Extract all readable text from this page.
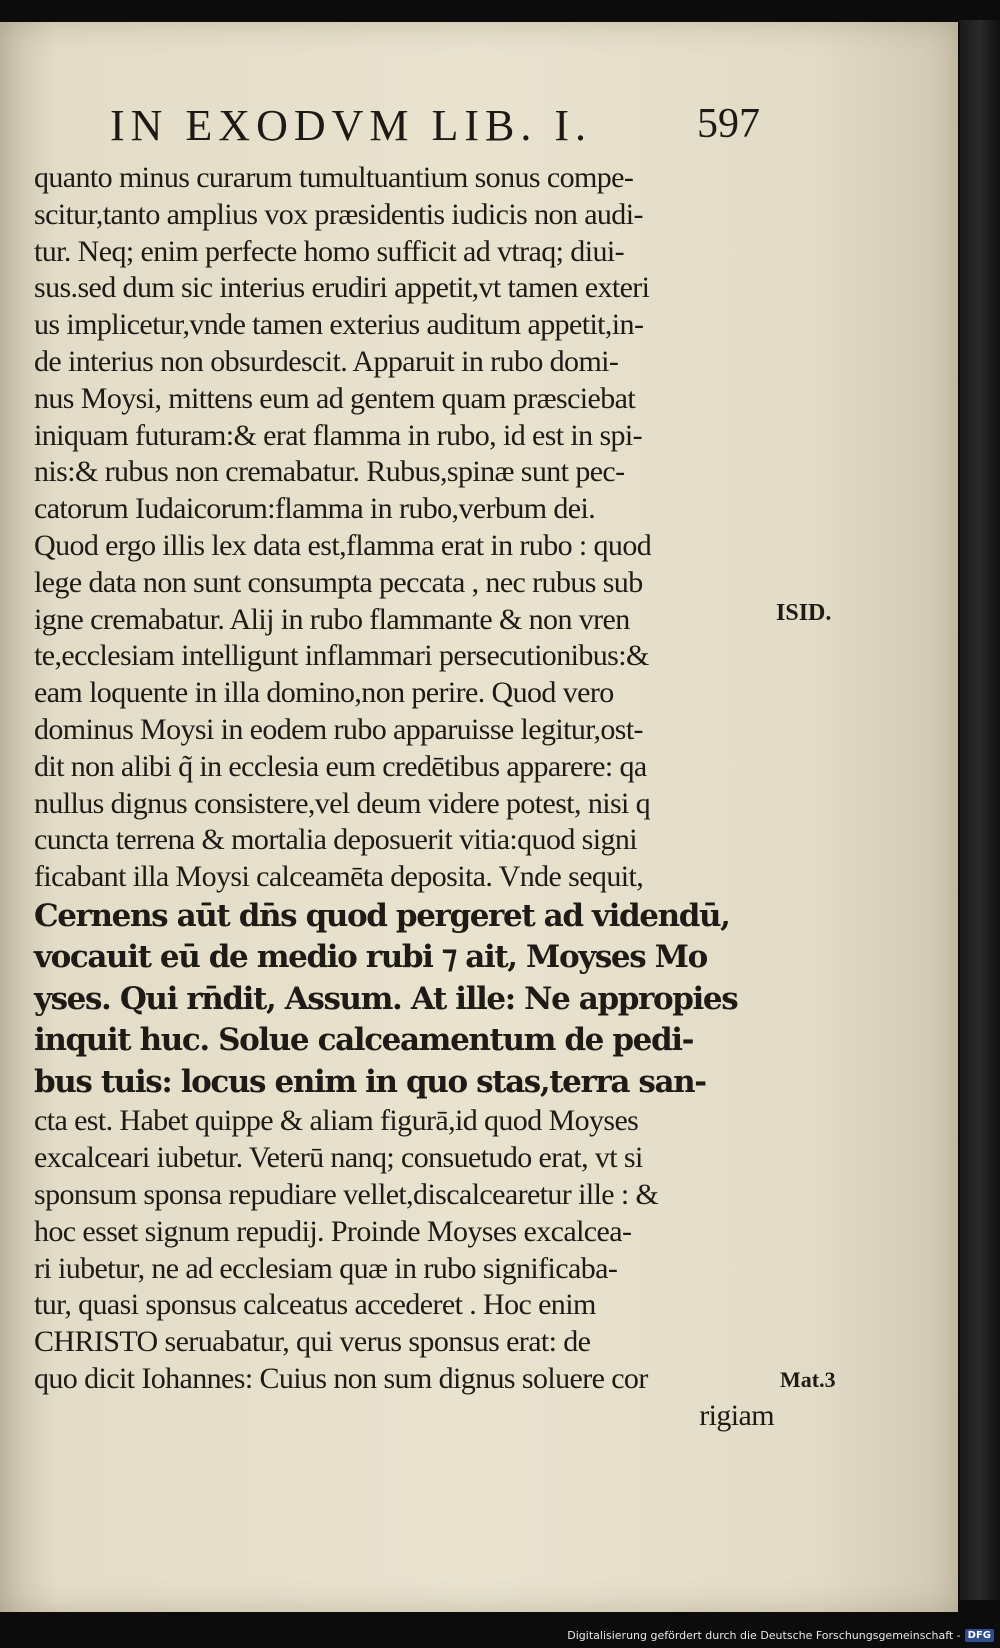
IN EXODVM LIB. I. 597
quanto minus curarum tumultuantium sonus compe-
scitur,tanto amplius vox præsidentis iudicis non audi-
tur. Neq; enim perfecte homo sufficit ad vtraq; diui-
sus.sed dum sic interius erudiri appetit,vt tamen exteri
us implicetur,vnde tamen exterius auditum appetit,in-
de interius non obsurdescit. Apparuit in rubo domi-
nus Moysi, mittens eum ad gentem quam præsciebat
iniquam futuram:& erat flamma in rubo, id est in spi-
nis:& rubus non cremabatur. Rubus,spinæ sunt pec-
catorum Iudaicorum:flamma in rubo,verbum dei.
Quod ergo illis lex data est,flamma erat in rubo : quod
lege data non sunt consumpta peccata , nec rubus sub
igne cremabatur. Alij in rubo flammante & non vren
te,ecclesiam intelligunt inflammari persecutionibus:&
eam loquente in illa domino,non perire. Quod vero
dominus Moysi in eodem rubo apparuisse legitur,ost-
dit non alibi q̃ in ecclesia eum credētibus apparere: qa
nullus dignus consistere,vel deum videre potest, nisi q
cuncta terrena & mortalia deposuerit vitia:quod signi
ficabant illa Moysi calceamēta deposita. Vnde sequit,
Cernens aūt dn̄s quod pergeret ad videndū,
vocauit eū de medio rubi ⁊ ait, Moyses Mo
yses. Qui rn̄dit, Assum. At ille: Ne appropies
inquit huc. Solue calceamentum de pedi-
bus tuis: locus enim in quo stas,terra san-
cta est. Habet quippe & aliam figurā,id quod Moyses
excalceari iubetur. Veterū nanq; consuetudo erat, vt si
sponsum sponsa repudiare vellet,discalcearetur ille : &
hoc esset signum repudij. Proinde Moyses excalcea-
ri iubetur, ne ad ecclesiam quæ in rubo significaba-
tur, quasi sponsus calceatus accederet . Hoc enim
CHRISTO seruabatur, qui verus sponsus erat: de
quo dicit Iohannes: Cuius non sum dignus soluere cor
rigiam
ISID.
Mat.3
Digitalisierung gefördert durch die Deutsche Forschungsgemeinschaft - DFG
